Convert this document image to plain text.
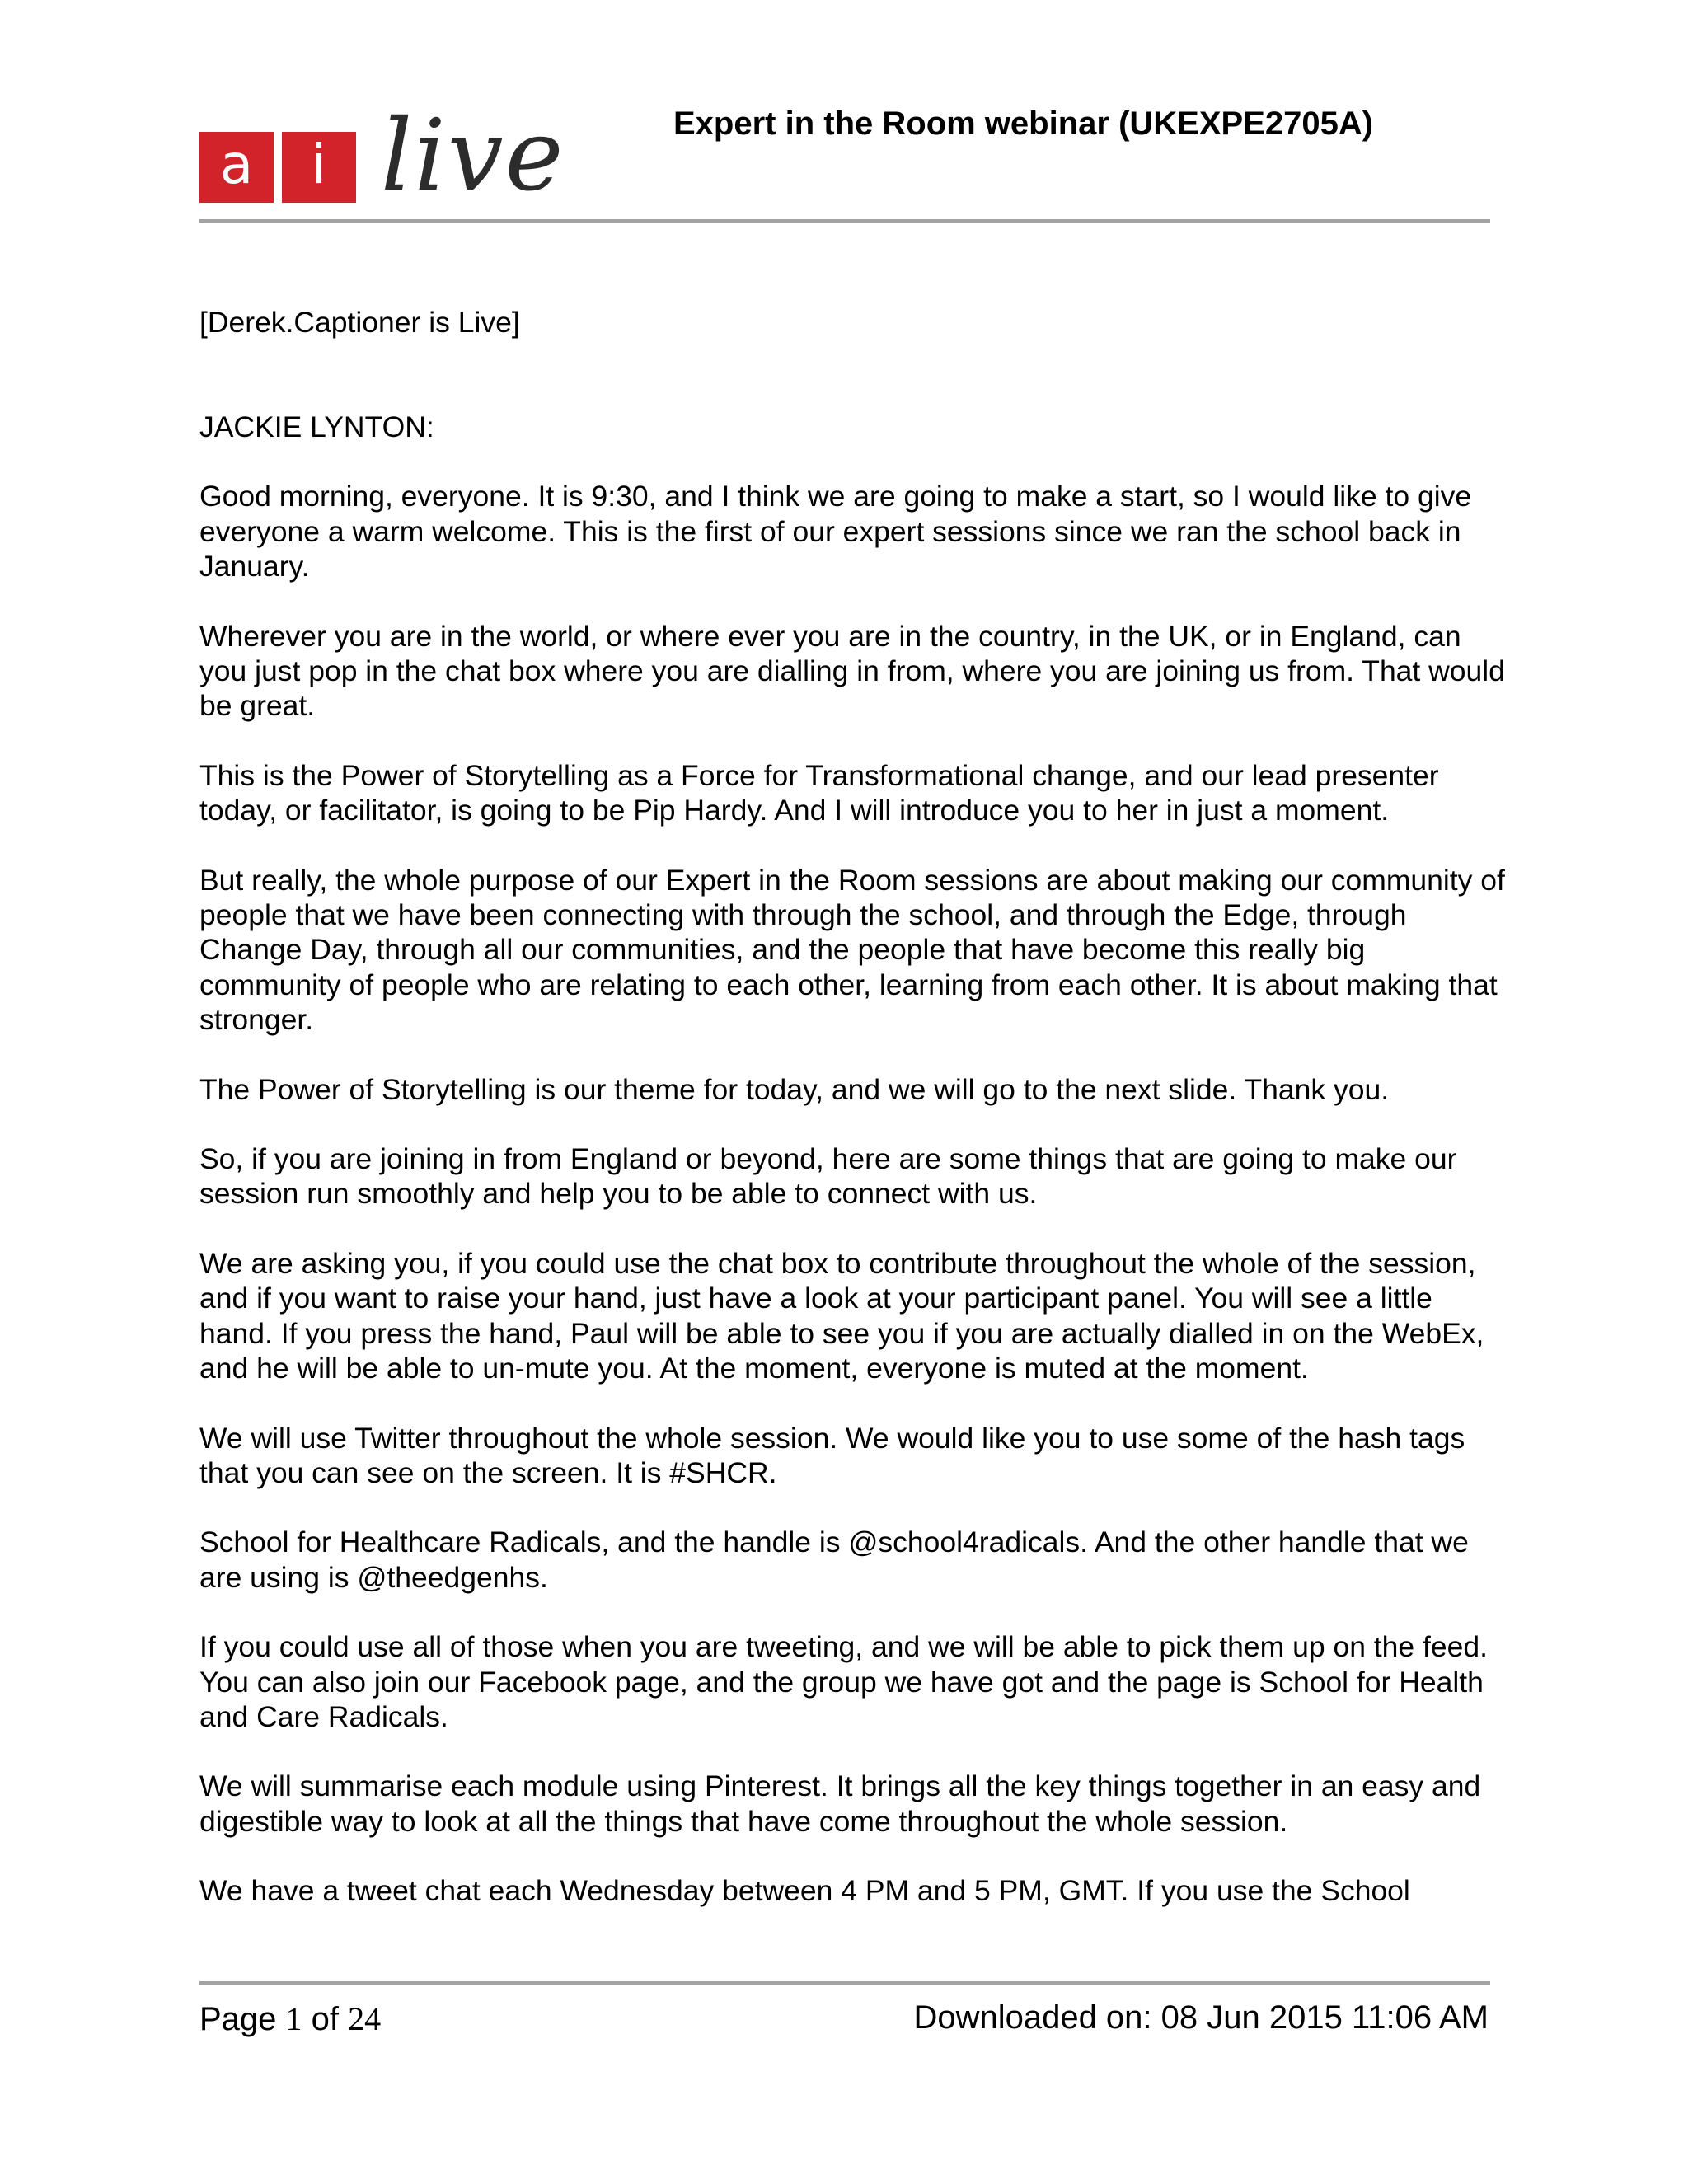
a	i live	Expert in the Room webinar (UKEXPE2705A)

[Derek.Captioner is Live]

JACKIE LYNTON:

Good morning, everyone. It is 9:30, and I think we are going to make a start, so I would like to give everyone a warm welcome. This is the first of our expert sessions since we ran the school back in January.

Wherever you are in the world, or where ever you are in the country, in the UK, or in England, can you just pop in the chat box where you are dialling in from, where you are joining us from. That would be great.

This is the Power of Storytelling as a Force for Transformational change, and our lead presenter today, or facilitator, is going to be Pip Hardy. And I will introduce you to her in just a moment.

But really, the whole purpose of our Expert in the Room sessions are about making our community of people that we have been connecting with through the school, and through the Edge, through Change Day, through all our communities, and the people that have become this really big community of people who are relating to each other, learning from each other. It is about making that stronger.

The Power of Storytelling is our theme for today, and we will go to the next slide. Thank you.

So, if you are joining in from England or beyond, here are some things that are going to make our session run smoothly and help you to be able to connect with us.

We are asking you, if you could use the chat box to contribute throughout the whole of the session, and if you want to raise your hand, just have a look at your participant panel. You will see a little hand. If you press the hand, Paul will be able to see you if you are actually dialled in on the WebEx, and he will be able to un-mute you. At the moment, everyone is muted at the moment.

We will use Twitter throughout the whole session. We would like you to use some of the hash tags that you can see on the screen. It is #SHCR.

School for Healthcare Radicals, and the handle is @school4radicals. And the other handle that we are using is @theedgenhs.

If you could use all of those when you are tweeting, and we will be able to pick them up on the feed. You can also join our Facebook page, and the group we have got and the page is School for Health and Care Radicals.

We will summarise each module using Pinterest. It brings all the key things together in an easy and digestible way to look at all the things that have come throughout the whole session.

We have a tweet chat each Wednesday between 4 PM and 5 PM, GMT. If you use the School

Page 1 of 24	Downloaded on: 08 Jun 2015 11:06 AM
